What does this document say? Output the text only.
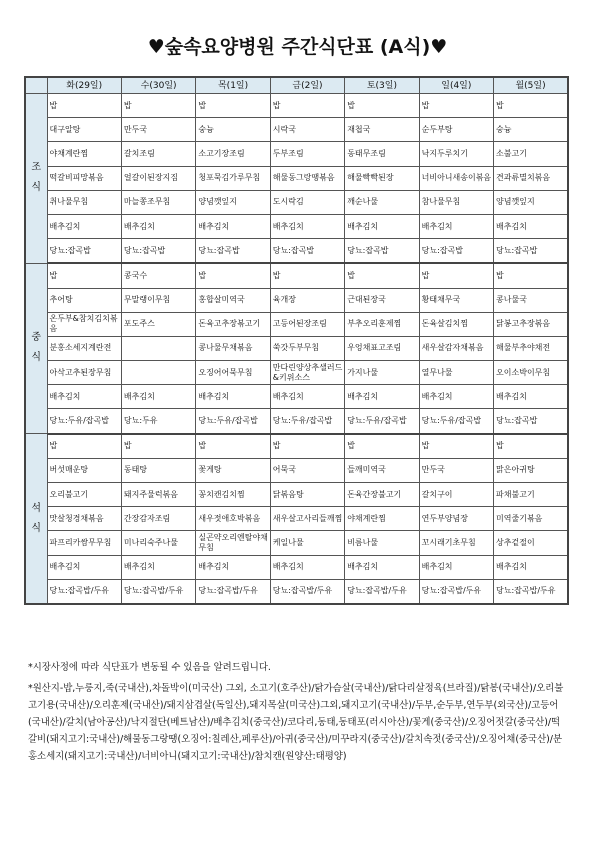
♥숲속요양병원 주간식단표 (A식)♥
	화(29일)	수(30일)	목(1일)	금(2일)	토(3일)	일(4일)	월(5일)

조
식	밥	밥	밥	밥	밥	밥	밥
	대구알탕	만두국	숭늉	시락국	재첩국	순두부탕	숭늉
	야채계란찜	갈치조림	소고기장조림	두부조림	동태무조림	낙지두루치기	소불고기
	떡갈비피망볶음	얼갈이된장지짐	청포묵김가루무침	해물동그랑땡볶음	해물빡빡된장	너비아니새송이볶음	견과류멸치볶음
	취나물무침	마늘쫑조무침	양념깻잎지	도시락김	깨순나물	참나물무침	양념깻잎지
	배추김치	배추김치	배추김치	배추김치	배추김치	배추김치	배추김치
	당뇨:잡곡밥	당뇨:잡곡밥	당뇨:잡곡밥	당뇨:잡곡밥	당뇨:잡곡밥	당뇨:잡곡밥	당뇨:잡곡밥

중
식	밥	콩국수	밥	밥	밥	밥	밥
	추어탕	무말랭이무침	홍합살미역국	육개장	근대된장국	황태채무국	콩나물국
	온두부&참치김치볶음	포도주스	돈육고추장볶고기	고등어된장조림	부추오리훈제찜	돈육살김치찜	닭봉고추장볶음
	분홍소세지계란전		콩나물무채볶음	쑥갓두부무침	우엉채표고조림	새우살감자채볶음	해물부추야채전
	아삭고추된장무침		오징어어묵무침	만다린양상추샐러드&키위소스	가지나물	열무나물	오이소박이무침
	배추김치	배추김치	배추김치	배추김치	배추김치	배추김치	배추김치
	당뇨:두유/잡곡밥	당뇨:두유	당뇨:두유/잡곡밥	당뇨:두유/잡곡밥	당뇨:두유/잡곡밥	당뇨:두유/잡곡밥	당뇨:잡곡밥

석
식	밥	밥	밥	밥	밥	밥	밥
	버섯매운탕	동태탕	꽃게탕	어묵국	들깨미역국	만두국	맑은아귀탕
	오리불고기	돼지주물럭볶음	꽁치캔김치찜	닭볶음탕	돈육간장불고기	갈치구이	파채불고기
	맛살청경채볶음	간장감자조림	새우젓애호박볶음	새우살고사리들깨찜	야채계란찜	연두부양념장	미역줄기볶음
	파프리카쌈무무침	미나리숙주나물	실곤약오리엔탈야채무침	케일나물	비름나물	꼬시래기초무침	상추겉절이
	배추김치	배추김치	배추김치	배추김치	배추김치	배추김치	배추김치
	당뇨:잡곡밥/두유	당뇨:잡곡밥/두유	당뇨:잡곡밥/두유	당뇨:잡곡밥/두유	당뇨:잡곡밥/두유	당뇨:잡곡밥/두유	당뇨:잡곡밥/두유

*시장사정에 따라 식단표가 변동될 수 있음을 알려드립니다.

*원산지-밥,누룽지,죽(국내산),차돌박이(미국산) 그외, 소고기(호주산)/닭가슴살(국내산)/닭다리살정육(브라질)/닭봉(국내산)/오리불고기용(국내산)/오리훈제(국내산)/돼지삼겹살(독일산),돼지목살(미국산)그외,돼지고기(국내산)/두부,순두부,연두부(외국산)/고등어(국내산)/갈치(남아공산)/낙지절단(베트남산)/배추김치(중국산)/코다리,동태,동태포(러시아산)/꽃게(중국산)/오징어젓갈(중국산)/떡갈비(돼지고기:국내산)/해물동그랑땡(오징어:칠레산,페루산)/아귀(중국산)/미꾸라지(중국산)/갈치속젓(중국산)/오징어채(중국산)/분홍소세지(돼지고기:국내산)/너비아니(돼지고기:국내산)/참치캔(원양산:태평양)
